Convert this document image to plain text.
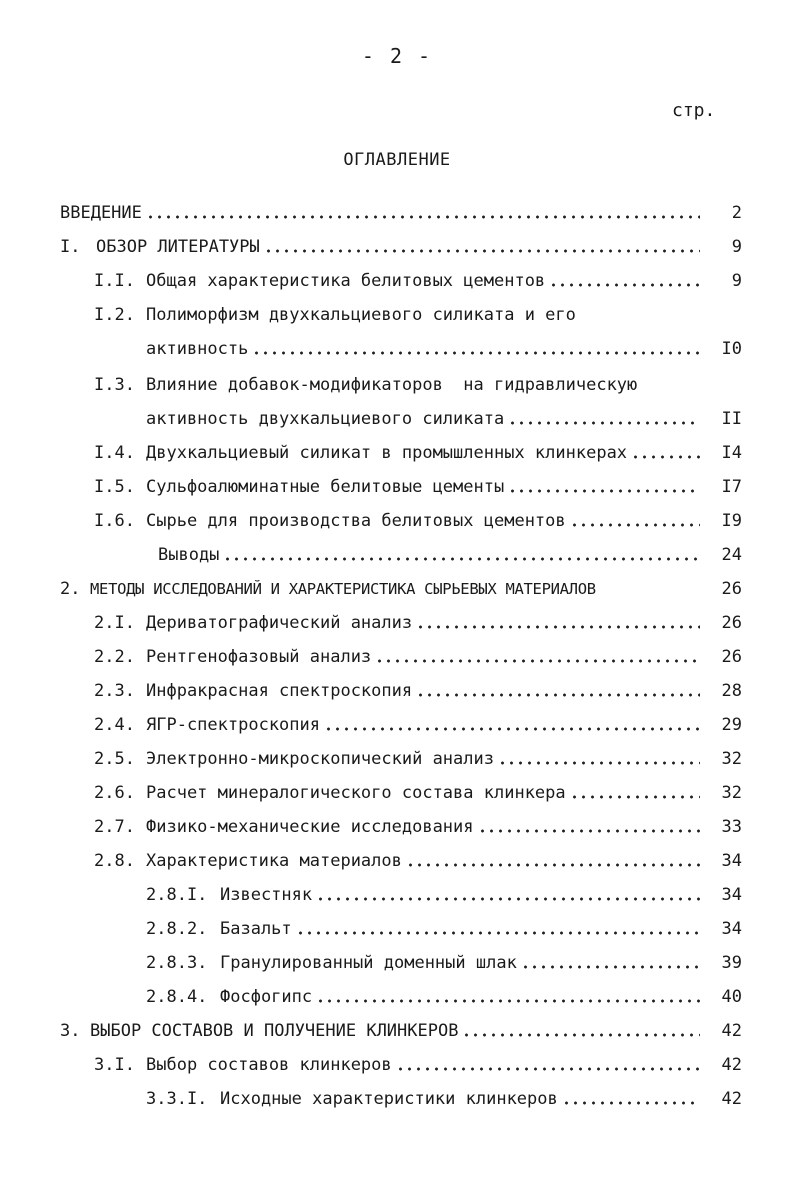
- 2 -
стр.
ОГЛАВЛЕНИЕ
ВВЕДЕНИЕ	2
I. ОБЗОР ЛИТЕРАТУРЫ	9
I.I. Общая характеристика белитовых цементов	9
I.2. Полиморфизм двухкальциевого силиката и его
активность	I0
I.3. Влияние добавок-модификаторов  на гидравлическую
активность двухкальциевого силиката	II
I.4. Двухкальциевый силикат в промышленных клинкерах	I4
I.5. Сульфоалюминатные белитовые цементы	I7
I.6. Сырье для производства белитовых цементов	I9
Выводы	24
2. МЕТОДЫ ИССЛЕДОВАНИЙ И ХАРАКТЕРИСТИКА СЫРЬЕВЫХ МАТЕРИАЛОВ	26
2.I. Дериватографический анализ	26
2.2. Рентгенофазовый анализ	26
2.3. Инфракрасная спектроскопия	28
2.4. ЯГР-спектроскопия	29
2.5. Электронно-микроскопический анализ	32
2.6. Расчет минералогического состава клинкера	32
2.7. Физико-механические исследования	33
2.8. Характеристика материалов	34
2.8.I. Известняк	34
2.8.2. Базальт	34
2.8.3. Гранулированный доменный шлак	39
2.8.4. Фосфогипс	40
3. ВЫБОР СОСТАВОВ И ПОЛУЧЕНИЕ КЛИНКЕРОВ	42
3.I. Выбор составов клинкеров	42
3.3.I. Исходные характеристики клинкеров	42
